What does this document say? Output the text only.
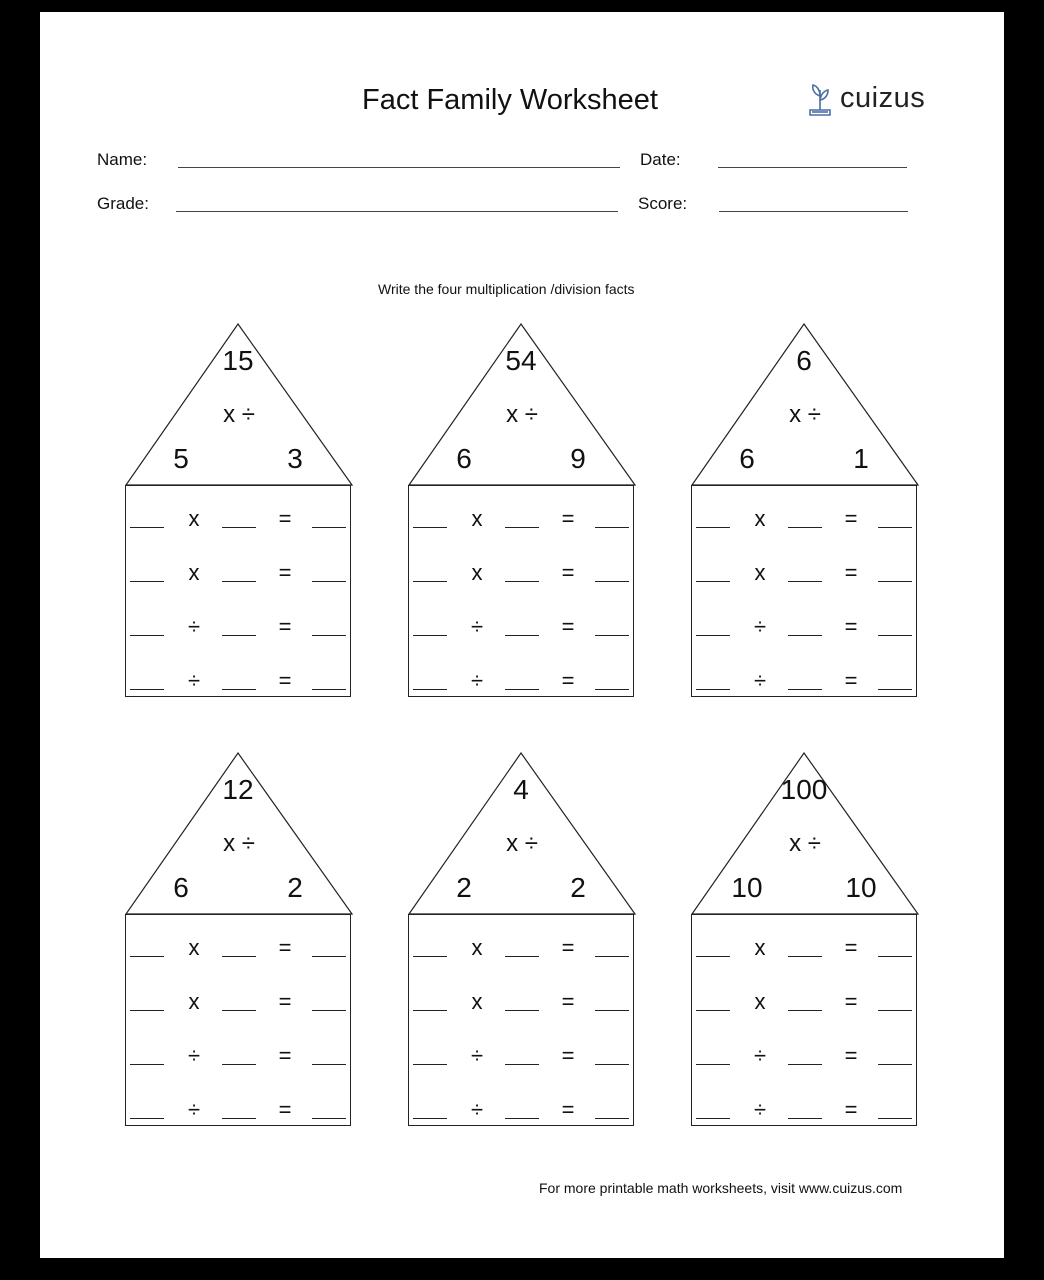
Fact Family Worksheet	cuizus
Name:	Date:
Grade:	Score:
Write the four multiplication /division facts
15
x ÷
5	3
x	=
x	=
÷	=
÷	=
54
x ÷
6	9
x	=
x	=
÷	=
÷	=
6
x ÷
6	1
x	=
x	=
÷	=
÷	=
12
x ÷
6	2
x	=
x	=
÷	=
÷	=
4
x ÷
2	2
x	=
x	=
÷	=
÷	=
100
x ÷
10	10
x	=
x	=
÷	=
÷	=
For more printable math worksheets, visit www.cuizus.com
